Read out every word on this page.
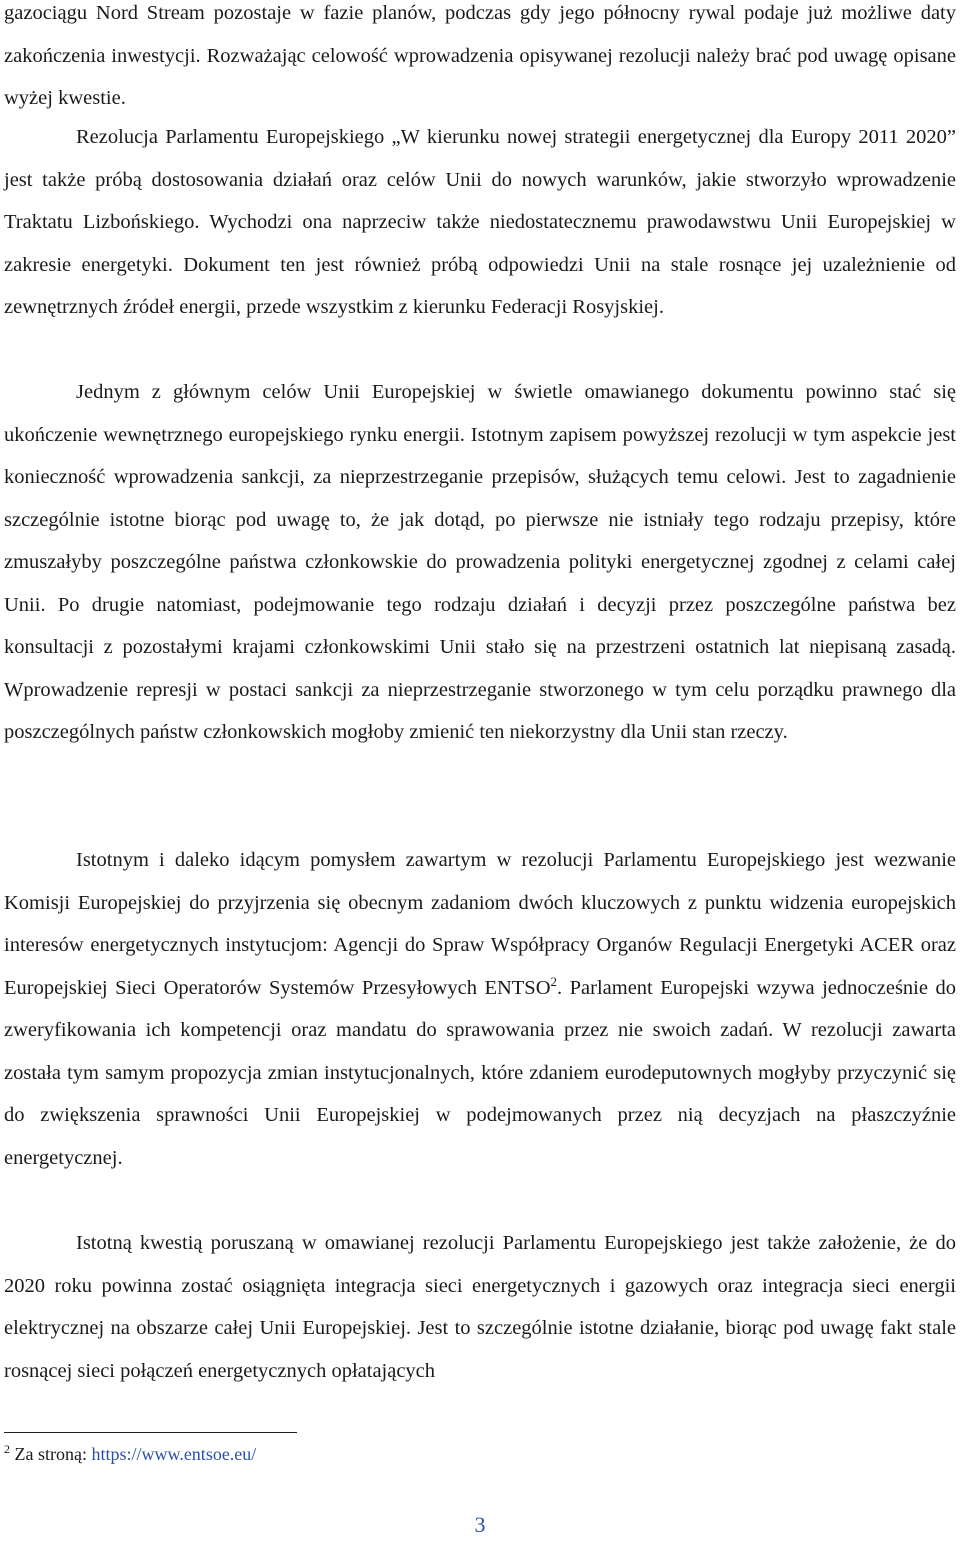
gazociągu Nord Stream pozostaje w fazie planów, podczas gdy jego północny rywal podaje już możliwe daty zakończenia inwestycji. Rozważając celowość wprowadzenia opisywanej rezolucji należy brać pod uwagę opisane wyżej kwestie.

Rezolucja Parlamentu Europejskiego „W kierunku nowej strategii energetycznej dla Europy 2011 2020” jest także próbą dostosowania działań oraz celów Unii do nowych warunków, jakie stworzyło wprowadzenie Traktatu Lizbońskiego. Wychodzi ona naprzeciw także niedostatecznemu prawodawstwu Unii Europejskiej w zakresie energetyki. Dokument ten jest również próbą odpowiedzi Unii na stale rosnące jej uzależnienie od zewnętrznych źródeł energii, przede wszystkim z kierunku Federacji Rosyjskiej.

Jednym z głównym celów Unii Europejskiej w świetle omawianego dokumentu powinno stać się ukończenie wewnętrznego europejskiego rynku energii. Istotnym zapisem powyższej rezolucji w tym aspekcie jest konieczność wprowadzenia sankcji, za nieprzestrzeganie przepisów, służących temu celowi. Jest to zagadnienie szczególnie istotne biorąc pod uwagę to, że jak dotąd, po pierwsze nie istniały tego rodzaju przepisy, które zmuszałyby poszczególne państwa członkowskie do prowadzenia polityki energetycznej zgodnej z celami całej Unii. Po drugie natomiast, podejmowanie tego rodzaju działań i decyzji przez poszczególne państwa bez konsultacji z pozostałymi krajami członkowskimi Unii stało się na przestrzeni ostatnich lat niepisaną zasadą. Wprowadzenie represji w postaci sankcji za nieprzestrzeganie stworzonego w tym celu porządku prawnego dla poszczególnych państw członkowskich mogłoby zmienić ten niekorzystny dla Unii stan rzeczy.

Istotnym i daleko idącym pomysłem zawartym w rezolucji Parlamentu Europejskiego jest wezwanie Komisji Europejskiej do przyjrzenia się obecnym zadaniom dwóch kluczowych z punktu widzenia europejskich interesów energetycznych instytucjom: Agencji do Spraw Współpracy Organów Regulacji Energetyki ACER oraz Europejskiej Sieci Operatorów Systemów Przesyłowych ENTSO$^2$. Parlament Europejski wzywa jednocześnie do zweryfikowania ich kompetencji oraz mandatu do sprawowania przez nie swoich zadań. W rezolucji zawarta została tym samym propozycja zmian instytucjonalnych, które zdaniem eurodeputownych mogłyby przyczynić się do zwiększenia sprawności Unii Europejskiej w podejmowanych przez nią decyzjach na płaszczyźnie energetycznej.

Istotną kwestią poruszaną w omawianej rezolucji Parlamentu Europejskiego jest także założenie, że do 2020 roku powinna zostać osiągnięta integracja sieci energetycznych i gazowych oraz integracja sieci energii elektrycznej na obszarze całej Unii Europejskiej. Jest to szczególnie istotne działanie, biorąc pod uwagę fakt stale rosnącej sieci połączeń energetycznych opłatających

$^2$ Za stroną: https://www.entsoe.eu/
3
